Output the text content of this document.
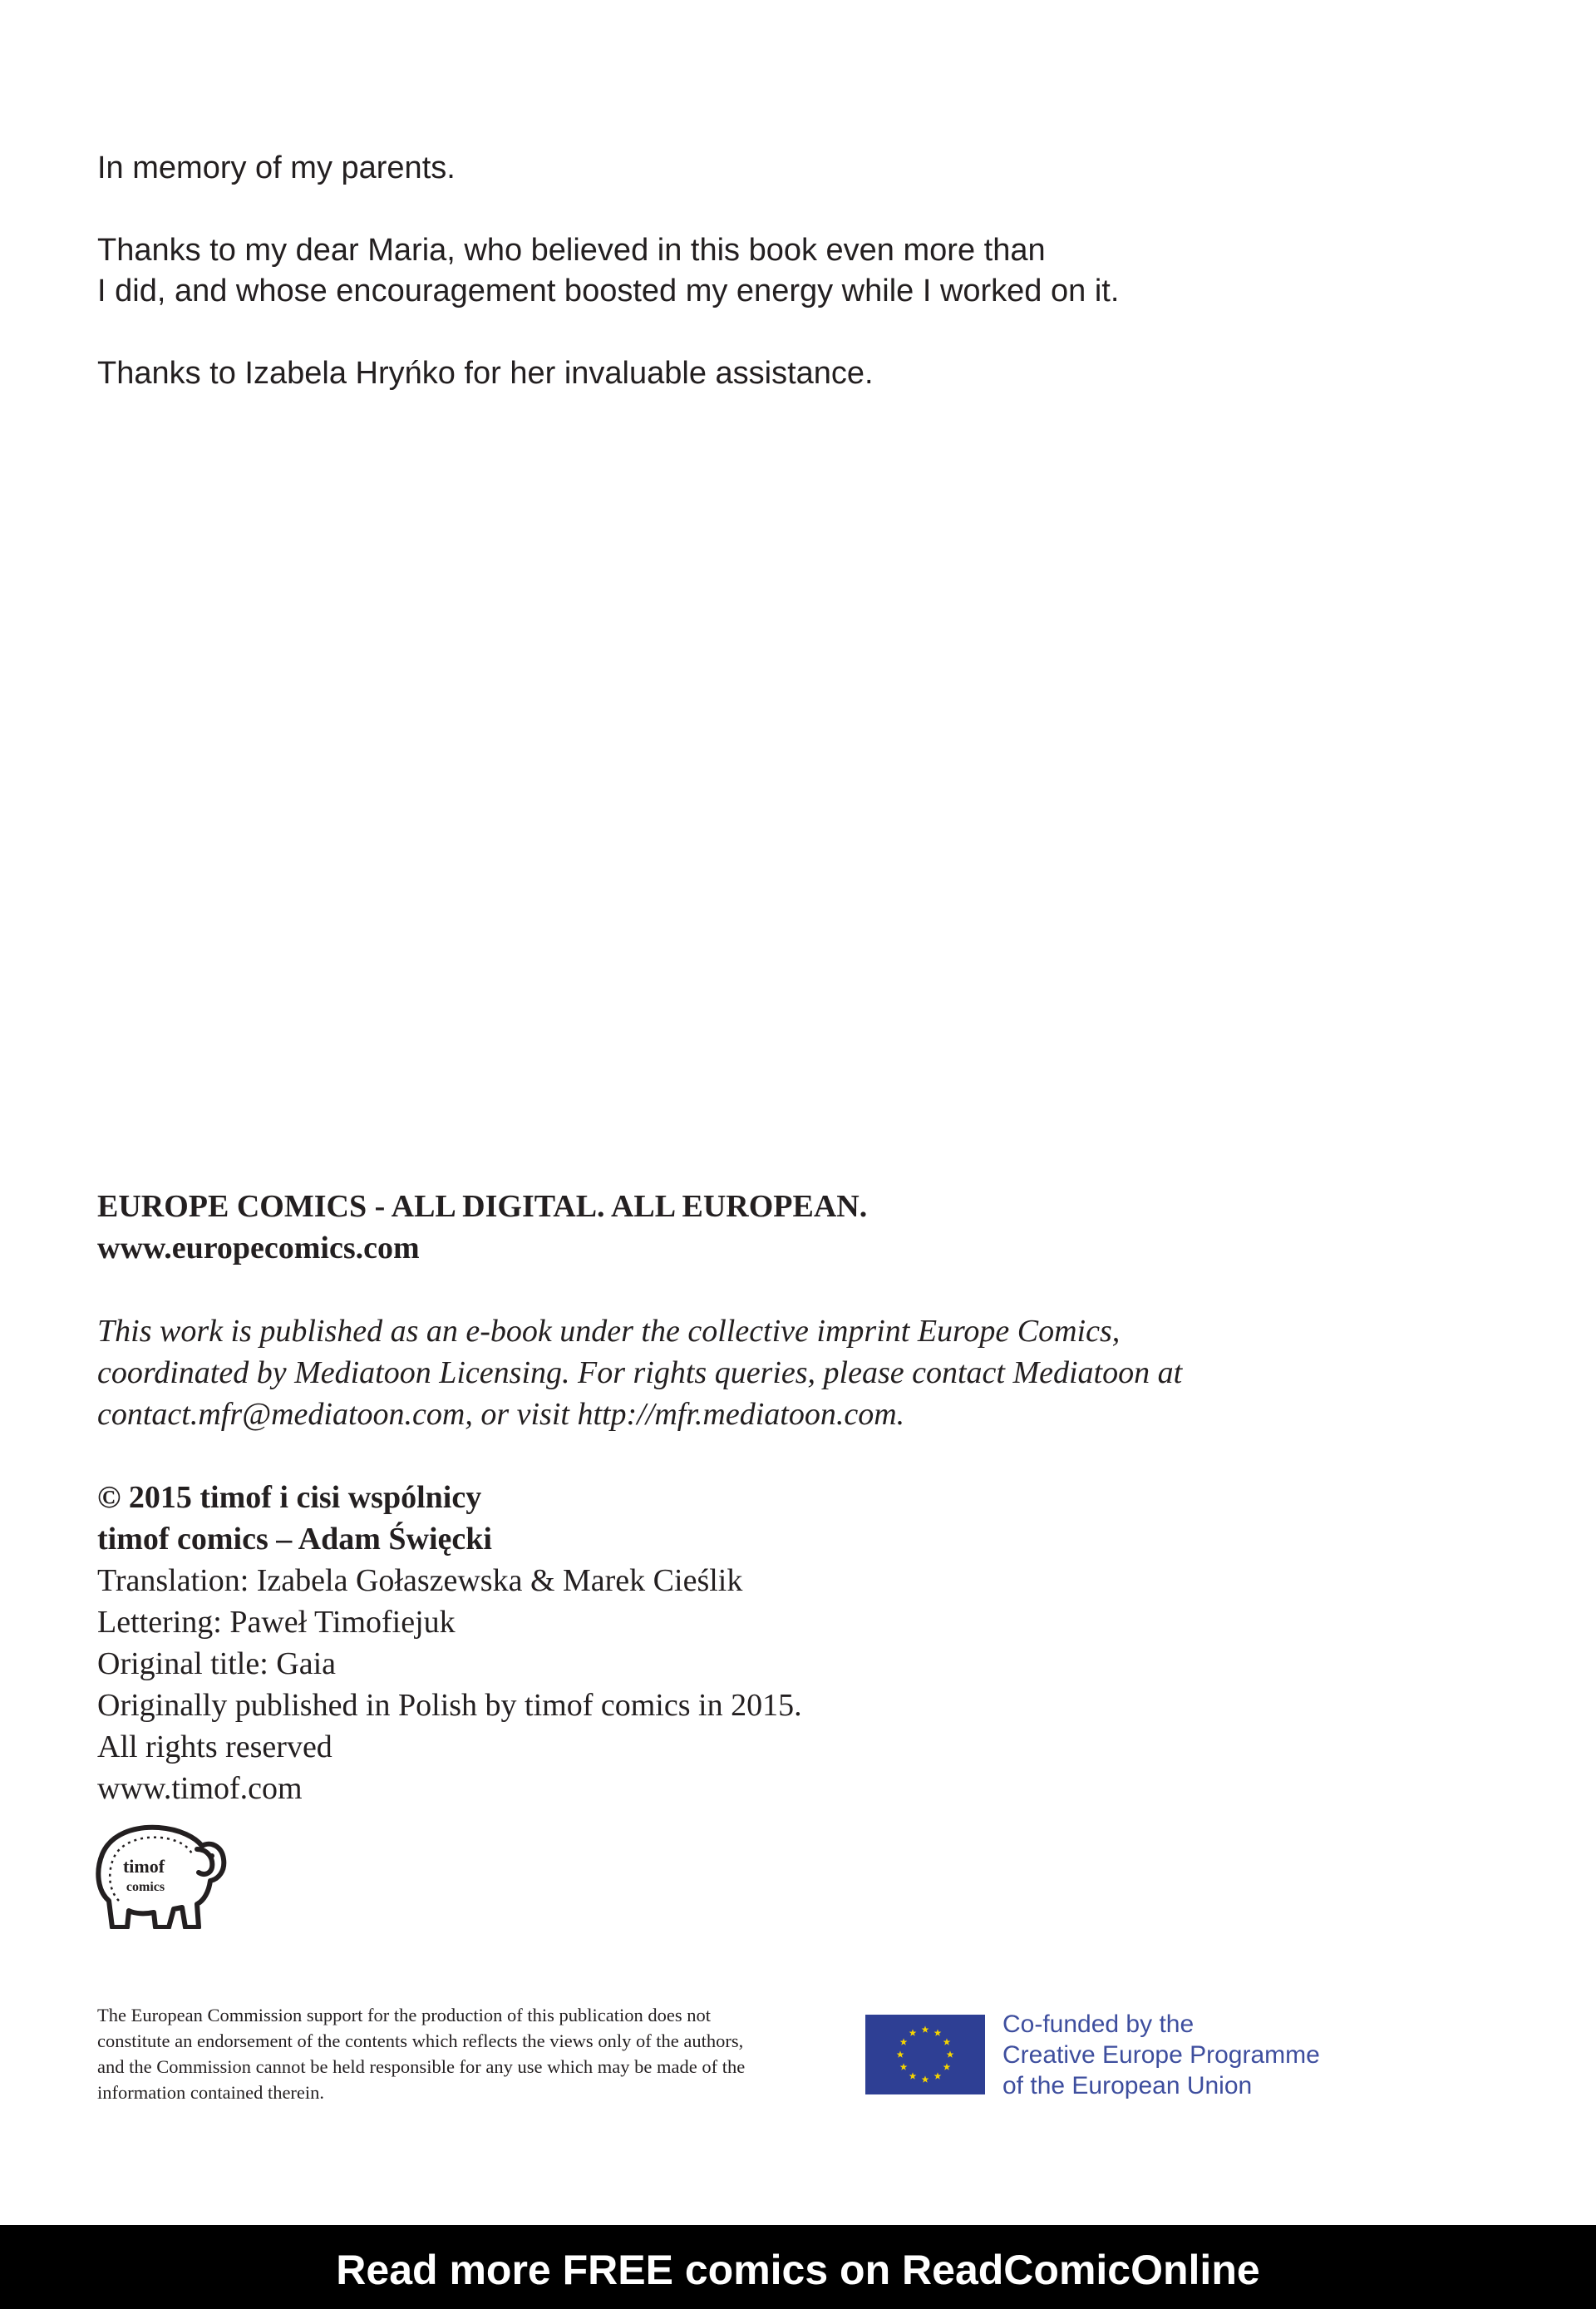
In memory of my parents.

Thanks to my dear Maria, who believed in this book even more than
I did, and whose encouragement boosted my energy while I worked on it.

Thanks to Izabela Hryńko for her invaluable assistance.

EUROPE COMICS - ALL DIGITAL. ALL EUROPEAN.
www.europecomics.com
This work is published as an e-book under the collective imprint Europe Comics,
coordinated by Mediatoon Licensing. For rights queries, please contact Mediatoon at
contact.mfr@mediatoon.com, or visit http://mfr.mediatoon.com.
© 2015 timof i cisi wspólnicy
timof comics – Adam Święcki
Translation: Izabela Gołaszewska & Marek Cieślik
Lettering: Paweł Timofiejuk
Original title: Gaia
Originally published in Polish by timof comics in 2015.
All rights reserved
www.timof.com
timof
comics
The European Commission support for the production of this publication does not
constitute an endorsement of the contents which reflects the views only of the authors,
and the Commission cannot be held responsible for any use which may be made of the
information contained therein.
Co-funded by the
Creative Europe Programme
of the European Union
Read more FREE comics on ReadComicOnline
